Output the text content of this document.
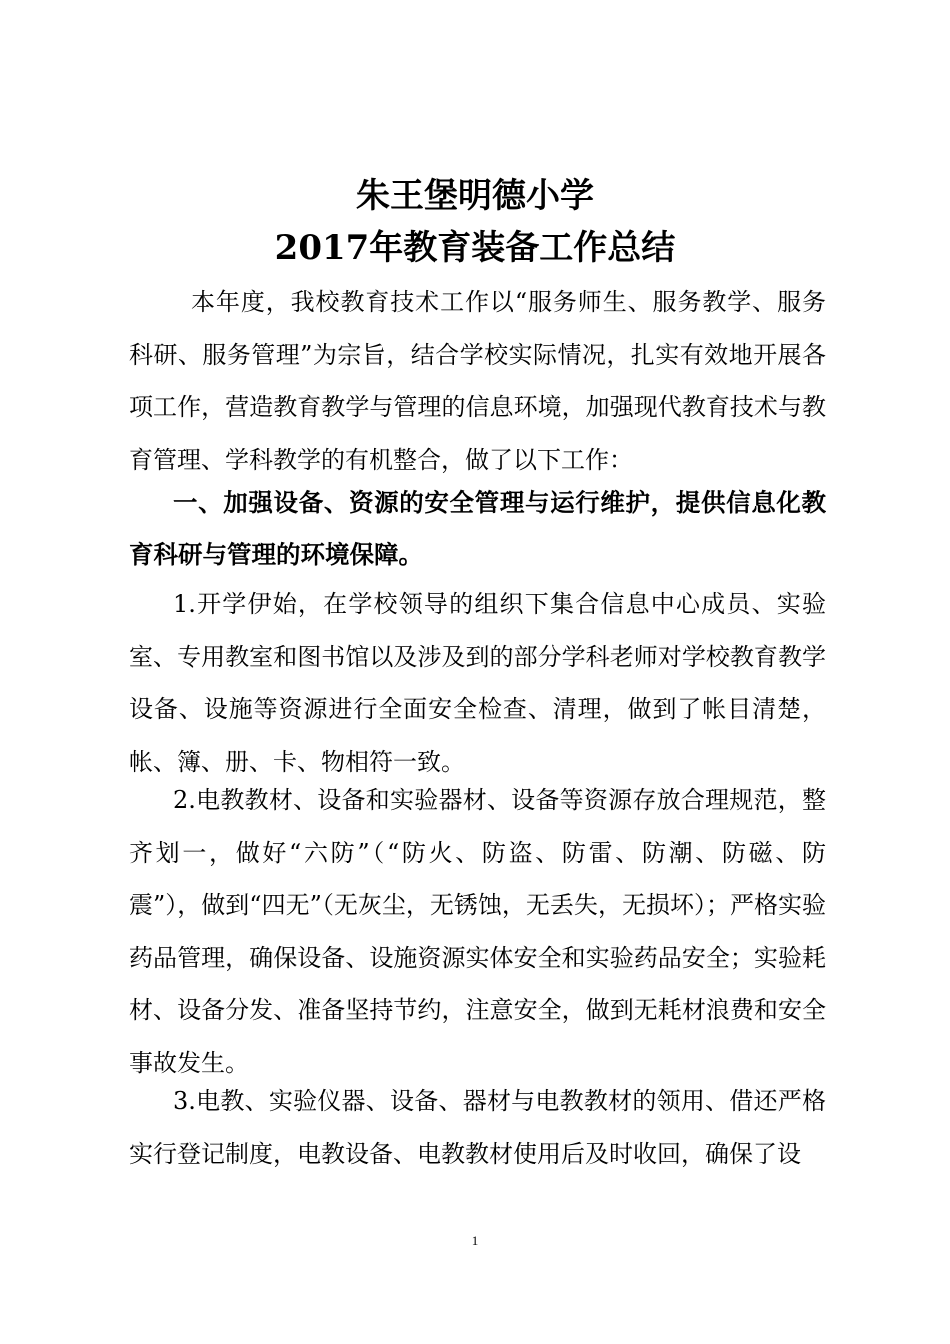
朱王堡明德小学
2017年教育装备工作总结
本年度，我校教育技术工作以“服务师生、服务教学、服务科研、服务管理”为宗旨，结合学校实际情况，扎实有效地开展各项工作，营造教育教学与管理的信息环境，加强现代教育技术与教育管理、学科教学的有机整合，做了以下工作：
一、加强设备、资源的安全管理与运行维护，提供信息化教育科研与管理的环境保障。
1.开学伊始，在学校领导的组织下集合信息中心成员、实验室、专用教室和图书馆以及涉及到的部分学科老师对学校教育教学设备、设施等资源进行全面安全检查、清理，做到了帐目清楚，帐、簿、册、卡、物相符一致。
2.电教教材、设备和实验器材、设备等资源存放合理规范，整齐划一，做好“六防”（“防火、防盗、防雷、防潮、防磁、防震”），做到“四无”（无灰尘，无锈蚀，无丢失，无损坏）；严格实验药品管理，确保设备、设施资源实体安全和实验药品安全；实验耗材、设备分发、准备坚持节约，注意安全，做到无耗材浪费和安全事故发生。
3.电教、实验仪器、设备、器材与电教教材的领用、借还严格实行登记制度，电教设备、电教教材使用后及时收回，确保了设
1
